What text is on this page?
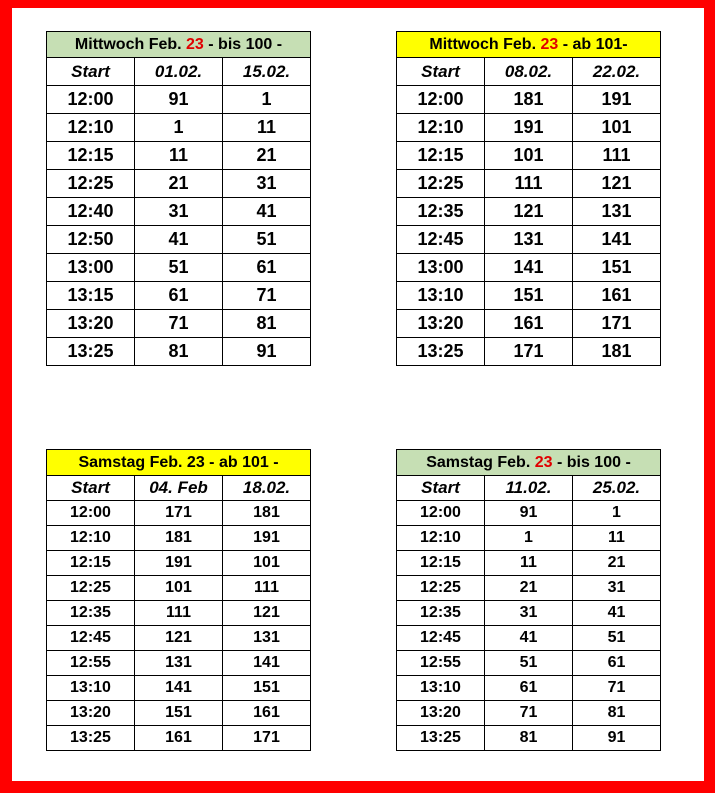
Mittwoch Feb. 23 - bis 100 -		
Start	01.02.	15.02.
12:00	91	1
12:10	1	11
12:15	11	21
12:25	21	31
12:40	31	41
12:50	41	51
13:00	51	61
13:15	61	71
13:20	71	81
13:25	81	91
Mittwoch Feb. 23 - ab 101-		
Start	08.02.	22.02.
12:00	181	191
12:10	191	101
12:15	101	111
12:25	111	121
12:35	121	131
12:45	131	141
13:00	141	151
13:10	151	161
13:20	161	171
13:25	171	181
Samstag Feb. 23 - ab 101 -		
Start	04. Feb	18.02.
12:00	171	181
12:10	181	191
12:15	191	101
12:25	101	111
12:35	111	121
12:45	121	131
12:55	131	141
13:10	141	151
13:20	151	161
13:25	161	171
Samstag Feb. 23 - bis 100 -		
Start	11.02.	25.02.
12:00	91	1
12:10	1	11
12:15	11	21
12:25	21	31
12:35	31	41
12:45	41	51
12:55	51	61
13:10	61	71
13:20	71	81
13:25	81	91
